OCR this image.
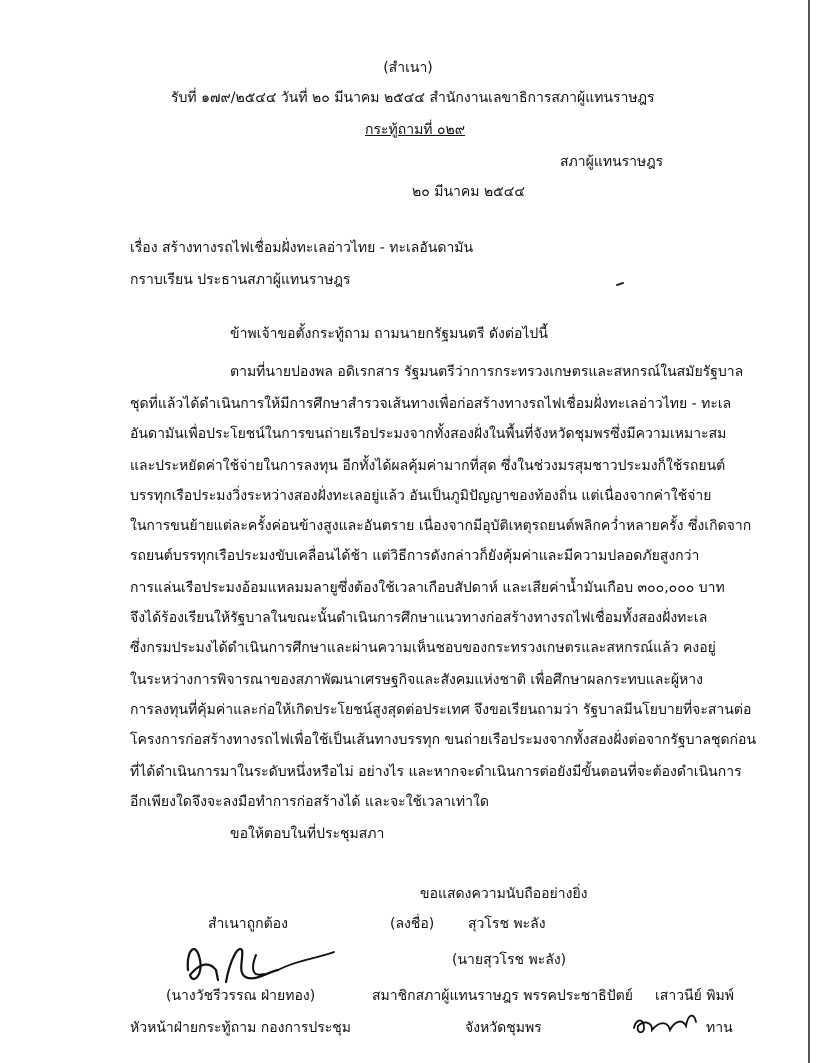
(สำเนา)
รับที่ ๑๗๙/๒๕๔๔ วันที่ ๒๐ มีนาคม ๒๕๔๔ สำนักงานเลขาธิการสภาผู้แทนราษฎร
กระทู้ถามที่ ๐๒๙
สภาผู้แทนราษฎร
๒๐ มีนาคม ๒๕๔๔
เรื่อง สร้างทางรถไฟเชื่อมฝั่งทะเลอ่าวไทย - ทะเลอันดามัน
กราบเรียน ประธานสภาผู้แทนราษฎร
ข้าพเจ้าขอตั้งกระทู้ถาม ถามนายกรัฐมนตรี ดังต่อไปนี้
ตามที่นายปองพล อดิเรกสาร รัฐมนตรีว่าการกระทรวงเกษตรและสหกรณ์ในสมัยรัฐบาล
ชุดที่แล้วได้ดำเนินการให้มีการศึกษาสำรวจเส้นทางเพื่อก่อสร้างทางรถไฟเชื่อมฝั่งทะเลอ่าวไทย - ทะเล
อันดามันเพื่อประโยชน์ในการขนถ่ายเรือประมงจากทั้งสองฝั่งในพื้นที่จังหวัดชุมพรซึ่งมีความเหมาะสม
และประหยัดค่าใช้จ่ายในการลงทุน อีกทั้งได้ผลคุ้มค่ามากที่สุด ซึ่งในช่วงมรสุมชาวประมงก็ใช้รถยนต์
บรรทุกเรือประมงวิ่งระหว่างสองฝั่งทะเลอยู่แล้ว อันเป็นภูมิปัญญาของท้องถิ่น แต่เนื่องจากค่าใช้จ่าย
ในการขนย้ายแต่ละครั้งค่อนข้างสูงและอันตราย เนื่องจากมีอุบัติเหตุรถยนต์พลิกคว่ำหลายครั้ง ซึ่งเกิดจาก
รถยนต์บรรทุกเรือประมงขับเคลื่อนได้ช้า แต่วิธีการดังกล่าวก็ยังคุ้มค่าและมีความปลอดภัยสูงกว่า
การแล่นเรือประมงอ้อมแหลมมลายูซึ่งต้องใช้เวลาเกือบสัปดาห์ และเสียค่าน้ำมันเกือบ ๓๐๐,๐๐๐ บาท
จึงได้ร้องเรียนให้รัฐบาลในขณะนั้นดำเนินการศึกษาแนวทางก่อสร้างทางรถไฟเชื่อมทั้งสองฝั่งทะเล
ซึ่งกรมประมงได้ดำเนินการศึกษาและผ่านความเห็นชอบของกระทรวงเกษตรและสหกรณ์แล้ว คงอยู่
ในระหว่างการพิจารณาของสภาพัฒนาเศรษฐกิจและสังคมแห่งชาติ เพื่อศึกษาผลกระทบและผู้หาง
การลงทุนที่คุ้มค่าและก่อให้เกิดประโยชน์สูงสุดต่อประเทศ จึงขอเรียนถามว่า รัฐบาลมีนโยบายที่จะสานต่อ
โครงการก่อสร้างทางรถไฟเพื่อใช้เป็นเส้นทางบรรทุก ขนถ่ายเรือประมงจากทั้งสองฝั่งต่อจากรัฐบาลชุดก่อน
ที่ได้ดำเนินการมาในระดับหนึ่งหรือไม่ อย่างไร และหากจะดำเนินการต่อยังมีขั้นตอนที่จะต้องดำเนินการ
อีกเพียงใดจึงจะลงมือทำการก่อสร้างได้ และจะใช้เวลาเท่าใด
ขอให้ตอบในที่ประชุมสภา
ขอแสดงความนับถืออย่างยิ่ง
สำเนาถูกต้อง	(ลงชื่อ) สุวโรช พะลัง
(นายสุวโรช พะลัง)
(นางวัชรีวรรณ ฝ่ายทอง)	สมาชิกสภาผู้แทนราษฎร พรรคประชาธิปัตย์ เสาวนีย์ พิมพ์
หัวหน้าฝ่ายกระทู้ถาม กองการประชุม	จังหวัดชุมพร	ทาน
